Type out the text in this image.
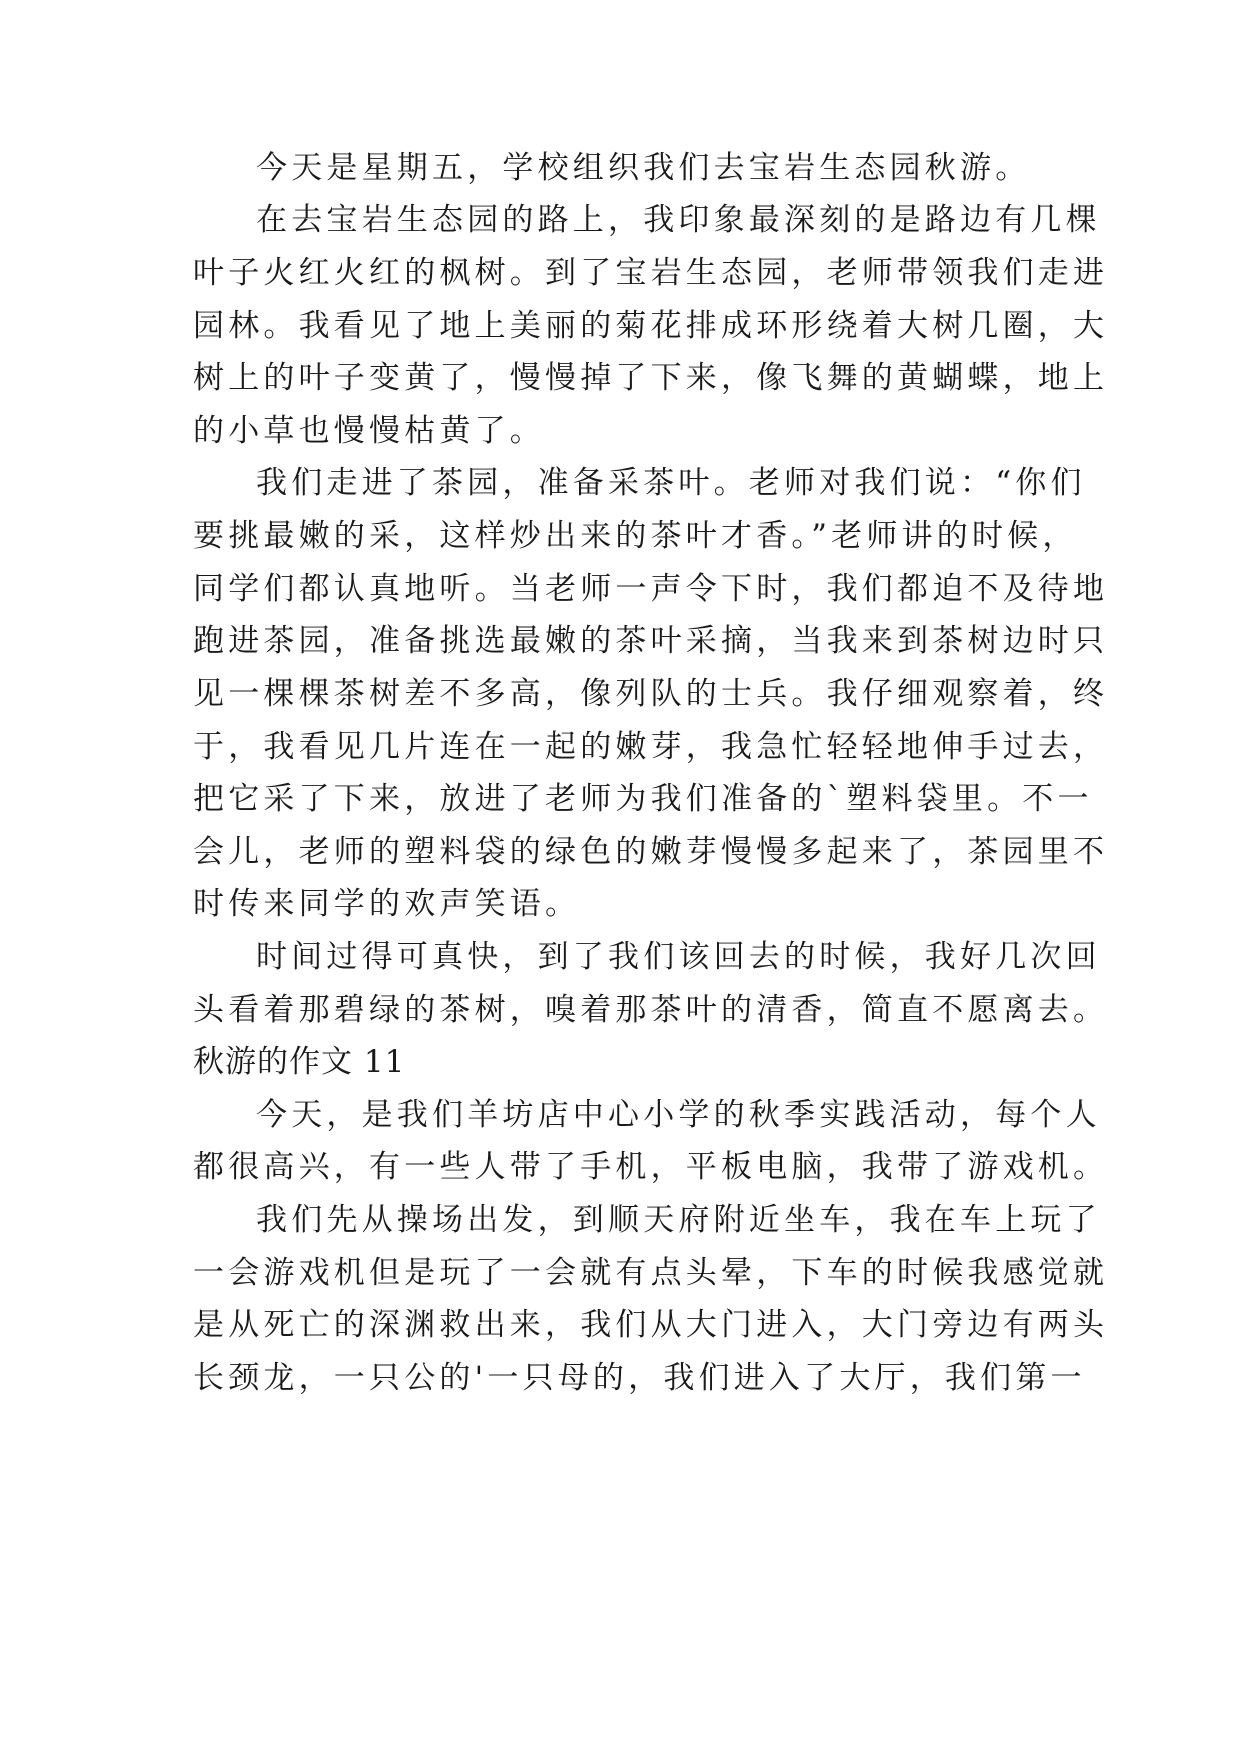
今天是星期五，学校组织我们去宝岩生态园秋游。
在去宝岩生态园的路上，我印象最深刻的是路边有几棵
叶子火红火红的枫树。到了宝岩生态园，老师带领我们走进
园林。我看见了地上美丽的菊花排成环形绕着大树几圈，大
树上的叶子变黄了，慢慢掉了下来，像飞舞的黄蝴蝶，地上
的小草也慢慢枯黄了。
我们走进了茶园，准备采茶叶。老师对我们说：“你们
要挑最嫩的采，这样炒出来的茶叶才香。”老师讲的时候，
同学们都认真地听。当老师一声令下时，我们都迫不及待地
跑进茶园，准备挑选最嫩的茶叶采摘，当我来到茶树边时只
见一棵棵茶树差不多高，像列队的士兵。我仔细观察着，终
于，我看见几片连在一起的嫩芽，我急忙轻轻地伸手过去，
把它采了下来，放进了老师为我们准备的`塑料袋里。不一
会儿，老师的塑料袋的绿色的嫩芽慢慢多起来了，茶园里不
时传来同学的欢声笑语。
时间过得可真快，到了我们该回去的时候，我好几次回
头看着那碧绿的茶树，嗅着那茶叶的清香，简直不愿离去。
秋游的作文 11
今天，是我们羊坊店中心小学的秋季实践活动，每个人
都很高兴，有一些人带了手机，平板电脑，我带了游戏机。
我们先从操场出发，到顺天府附近坐车，我在车上玩了
一会游戏机但是玩了一会就有点头晕，下车的时候我感觉就
是从死亡的深渊救出来，我们从大门进入，大门旁边有两头
长颈龙，一只公的'一只母的，我们进入了大厅，我们第一
